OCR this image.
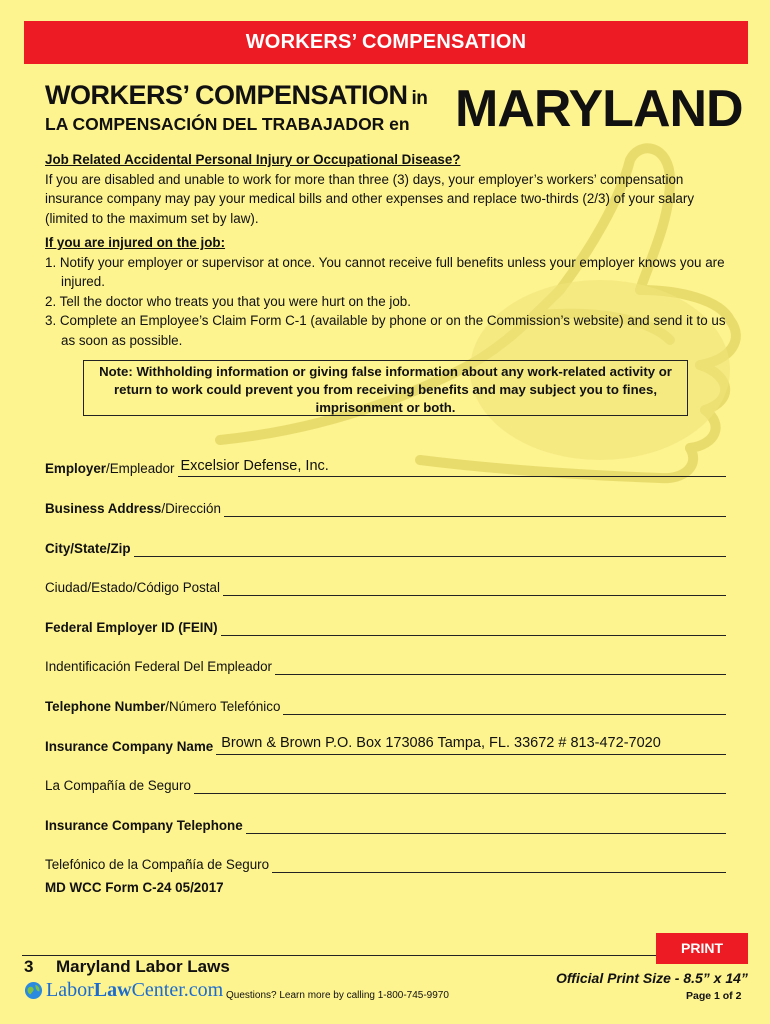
WORKERS’ COMPENSATION
WORKERS’ COMPENSATION in
LA COMPENSACIÓN DEL TRABAJADOR en MARYLAND
Job Related Accidental Personal Injury or Occupational Disease?
If you are disabled and unable to work for more than three (3) days, your employer’s workers’ compensation insurance company may pay your medical bills and other expenses and replace two-thirds (2/3) of your salary (limited to the maximum set by law).
If you are injured on the job:
1. Notify your employer or supervisor at once. You cannot receive full benefits unless your employer knows you are injured.
2. Tell the doctor who treats you that you were hurt on the job.
3. Complete an Employee’s Claim Form C-1 (available by phone or on the Commission’s website) and send it to us as soon as possible.
Note: Withholding information or giving false information about any work-related activity or return to work could prevent you from receiving benefits and may subject you to fines, imprisonment or both.
Employer/Empleador Excelsior Defense, Inc.
Business Address/Dirección
City/State/Zip
Ciudad/Estado/Código Postal
Federal Employer ID (FEIN)
Indentificación Federal Del Empleador
Telephone Number/Número Telefónico
Insurance Company Name Brown & Brown P.O. Box 173086 Tampa, FL. 33672 # 813-472-7020
La Compañía de Seguro
Insurance Company Telephone
Telefónico de la Compañía de Seguro
MD WCC Form C-24 05/2017
PRINT
3 Maryland Labor Laws
Labor Law Center.com Questions? Learn more by calling 1-800-745-9970
Official Print Size - 8.5” x 14”
Page 1 of 2
